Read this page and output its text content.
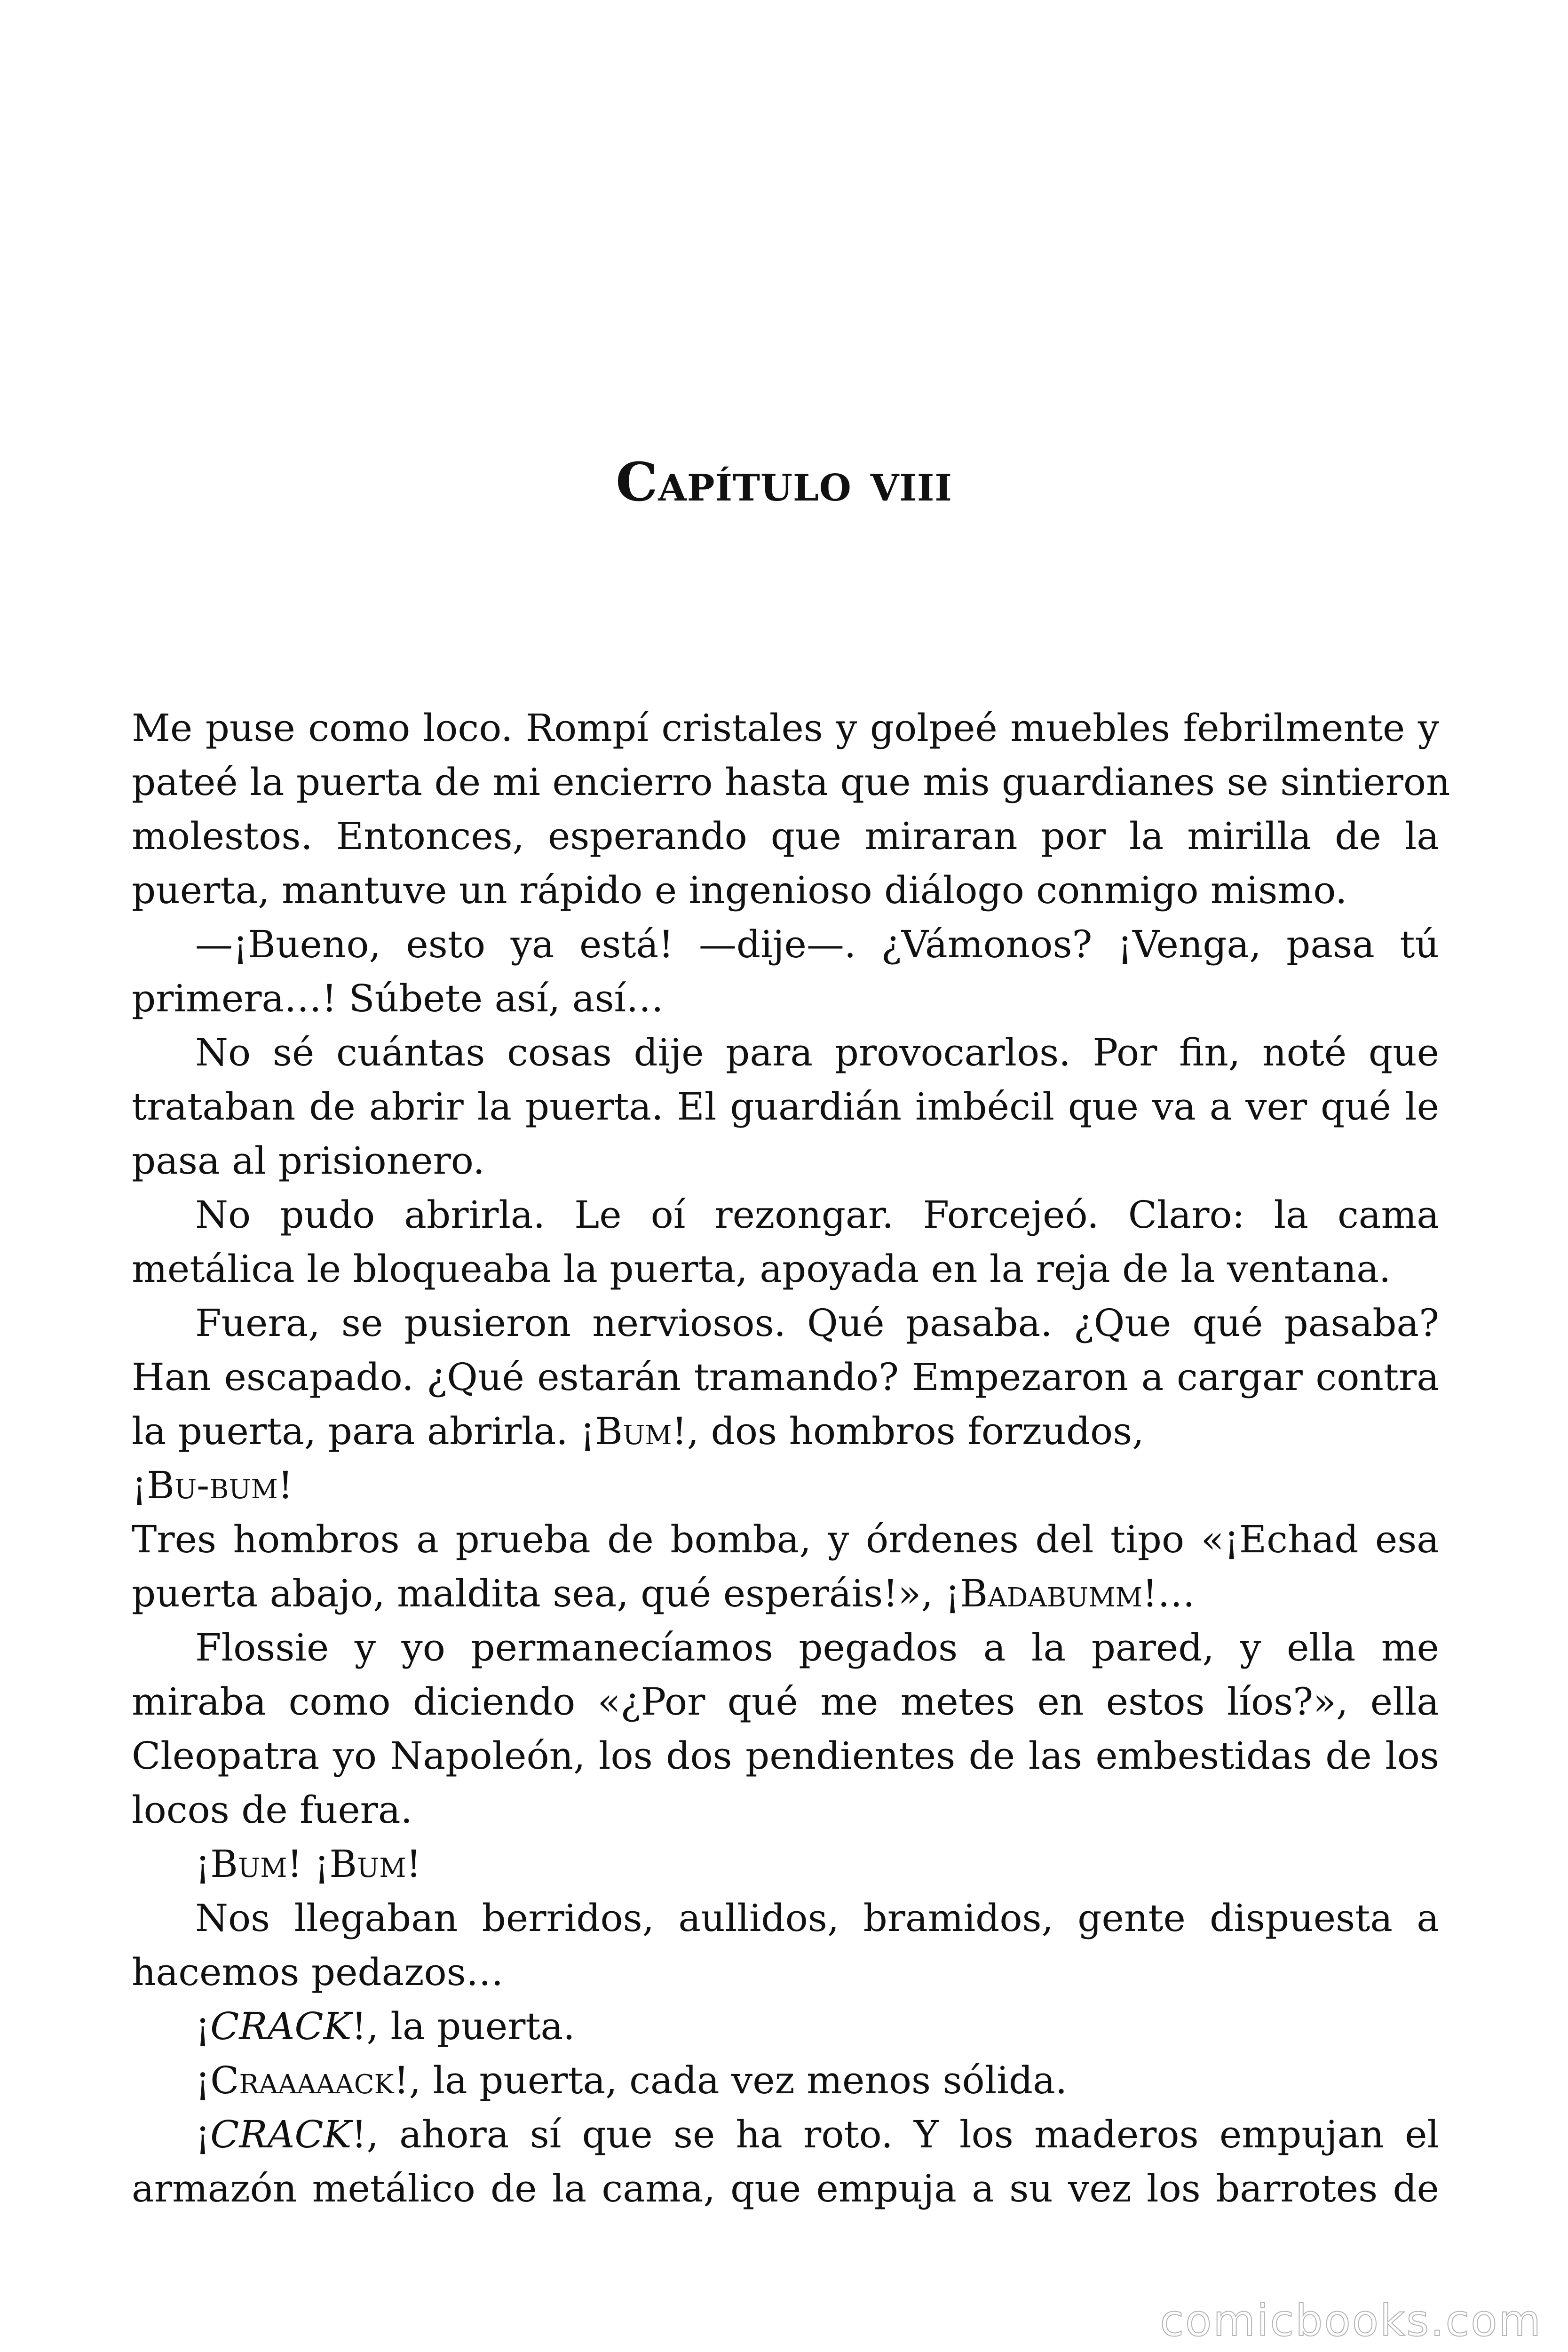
Capítulo viii
Me puse como loco. Rompí cristales y golpeé muebles febrilmente y
pateé la puerta de mi encierro hasta que mis guardianes se sintieron
molestos. Entonces, esperando que miraran por la mirilla de la
puerta, mantuve un rápido e ingenioso diálogo conmigo mismo.
—¡Bueno, esto ya está! —dije—. ¿Vámonos? ¡Venga, pasa tú
primera…! Súbete así, así…
No sé cuántas cosas dije para provocarlos. Por fin, noté que
trataban de abrir la puerta. El guardián imbécil que va a ver qué le
pasa al prisionero.
No pudo abrirla. Le oí rezongar. Forcejeó. Claro: la cama
metálica le bloqueaba la puerta, apoyada en la reja de la ventana.
Fuera, se pusieron nerviosos. Qué pasaba. ¿Que qué pasaba?
Han escapado. ¿Qué estarán tramando? Empezaron a cargar contra
la puerta, para abrirla. ¡Bum!, dos hombros forzudos,
¡Bu-bum!
Tres hombros a prueba de bomba, y órdenes del tipo «¡Echad esa
puerta abajo, maldita sea, qué esperáis!», ¡Badabumm!…
Flossie y yo permanecíamos pegados a la pared, y ella me
miraba como diciendo «¿Por qué me metes en estos líos?», ella
Cleopatra yo Napoleón, los dos pendientes de las embestidas de los
locos de fuera.
¡Bum! ¡Bum!
Nos llegaban berridos, aullidos, bramidos, gente dispuesta a
hacemos pedazos…
¡CRACK!, la puerta.
¡Craaaaack!, la puerta, cada vez menos sólida.
¡CRACK!, ahora sí que se ha roto. Y los maderos empujan el
armazón metálico de la cama, que empuja a su vez los barrotes de
comicbooks.com
